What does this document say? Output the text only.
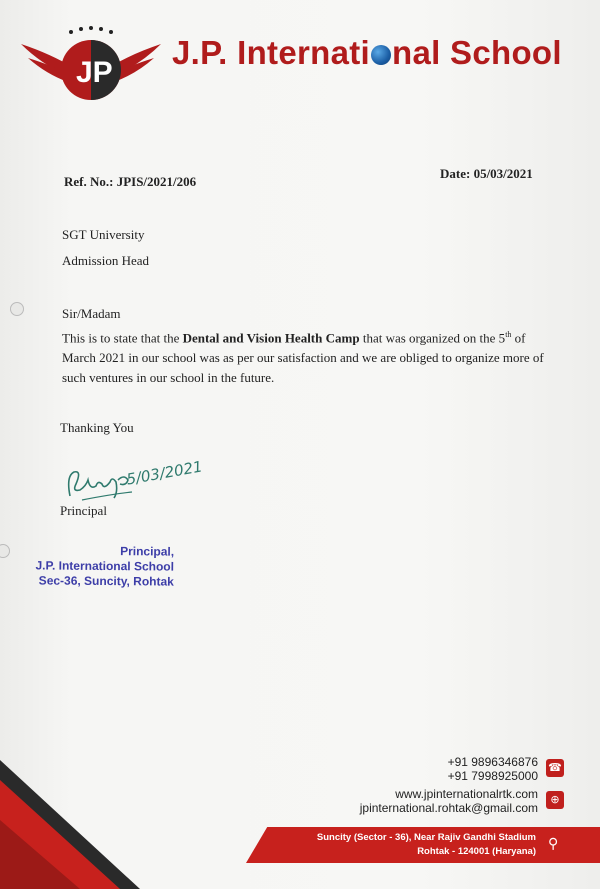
JP
J.P. Internati nal School
Ref. No.: JPIS/2021/206
Date: 05/03/2021
SGT University
Admission Head
Sir/Madam
This is to state that the Dental and Vision Health Camp that was organized on the 5th of March 2021 in our school was as per our satisfaction and we are obliged to organize more of such ventures in our school in the future.
Thanking You
5/03/2021
Principal
Principal,
J.P. International School
Sec-36, Suncity, Rohtak
+91 9896346876
+91 7998925000
☎
www.jpinternationalrtk.com
jpinternational.rohtak@gmail.com
⊕
Suncity (Sector - 36), Near Rajiv Gandhi Stadium
Rohtak - 124001 (Haryana) ⚲
